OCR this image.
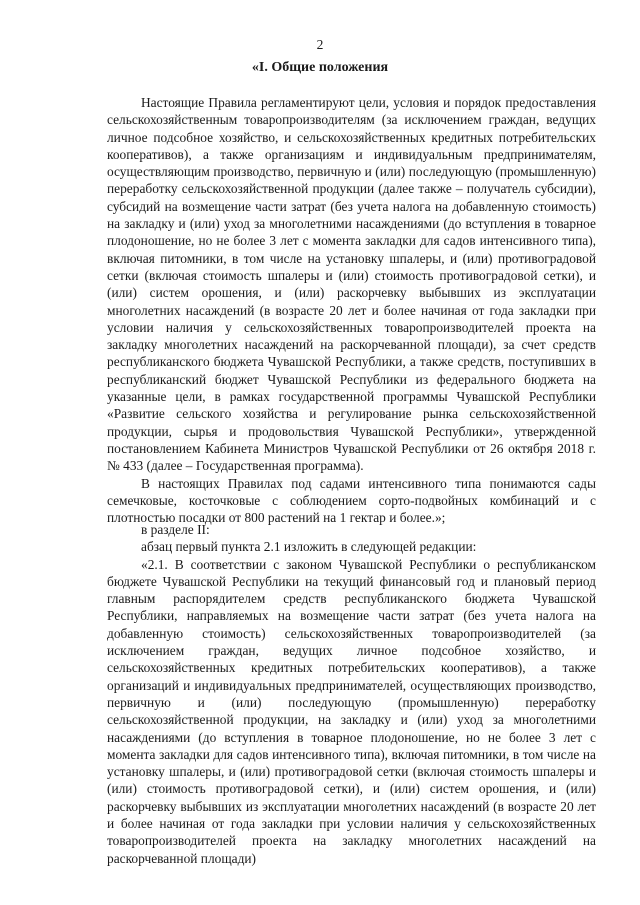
2
«I. Общие положения

Настоящие Правила регламентируют цели, условия и порядок предоставления сельскохозяйственным товаропроизводителям (за исключением граждан, ведущих личное подсобное хозяйство, и сельскохозяйственных кредитных потребительских кооперативов), а также организациям и индивидуальным предпринимателям, осуществляющим производство, первичную и (или) последующую (промышленную) переработку сельскохозяйственной продукции (далее также – получатель субсидии), субсидий на возмещение части затрат (без учета налога на добавленную стоимость) на закладку и (или) уход за многолетними насаждениями (до вступления в товарное плодоношение, но не более 3 лет с момента закладки для садов интенсивного типа), включая питомники, в том числе на установку шпалеры, и (или) противоградовой сетки (включая стоимость шпалеры и (или) стоимость противоградовой сетки), и (или) систем орошения, и (или) раскорчевку выбывших из эксплуатации многолетних насаждений (в возрасте 20 лет и более начиная от года закладки при условии наличия у сельскохозяйственных товаропроизводителей проекта на закладку многолетних насаждений на раскорчеванной площади), за счет средств республиканского бюджета Чувашской Республики, а также средств, поступивших в республиканский бюджет Чувашской Республики из федерального бюджета на указанные цели, в рамках государственной программы Чувашской Республики «Развитие сельского хозяйства и регулирование рынка сельскохозяйственной продукции, сырья и продовольствия Чувашской Республики», утвержденной постановлением Кабинета Министров Чувашской Республики от 26 октября 2018 г. № 433 (далее – Государственная программа).

В настоящих Правилах под садами интенсивного типа понимаются сады семечковые, косточковые с соблюдением сорто-подвойных комбинаций и с плотностью посадки от 800 растений на 1 гектар и более.»;

в разделе II:

абзац первый пункта 2.1 изложить в следующей редакции:

«2.1. В соответствии с законом Чувашской Республики о республиканском бюджете Чувашской Республики на текущий финансовый год и плановый период главным распорядителем средств республиканского бюджета Чувашской Республики, направляемых на возмещение части затрат (без учета налога на добавленную стоимость) сельскохозяйственных товаропроизводителей (за исключением граждан, ведущих личное подсобное хозяйство, и сельскохозяйственных кредитных потребительских кооперативов), а также организаций и индивидуальных предпринимателей, осуществляющих производство, первичную и (или) последующую (промышленную) переработку сельскохозяйственной продукции, на закладку и (или) уход за многолетними насаждениями (до вступления в товарное плодоношение, но не более 3 лет с момента закладки для садов интенсивного типа), включая питомники, в том числе на установку шпалеры, и (или) противоградовой сетки (включая стоимость шпалеры и (или) стоимость противоградовой сетки), и (или) систем орошения, и (или) раскорчевку выбывших из эксплуатации многолетних насаждений (в возрасте 20 лет и более начиная от года закладки при условии наличия у сельскохозяйственных товаропроизводителей проекта на закладку многолетних насаждений на раскорчеванной площади)
